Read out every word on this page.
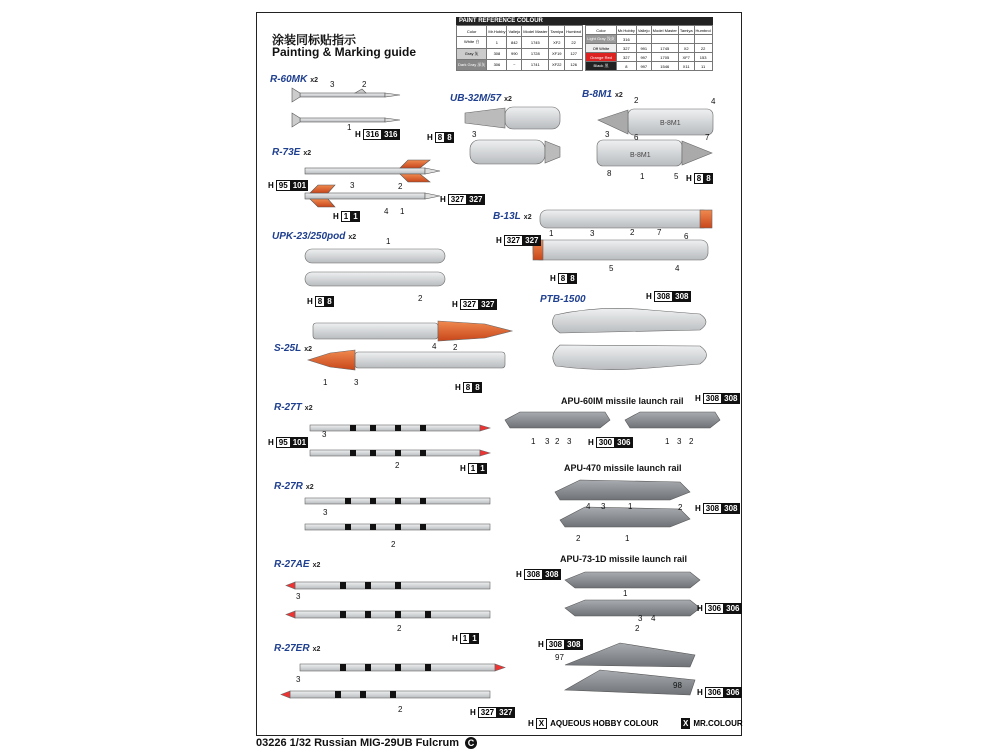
涂装同标贴指示
Painting & Marking guide
PAINT REFERENCE COLOUR
Color	Mr.Hobby	Vallejo	Model Master	Tamiya	Humbrol
White 白	1	842	1745	XF2	22
Gray 灰	308	990	1728	XF19	127
Dark Gray 深灰	306	~	1741	XF22	126
Color	Mr.Hobby	Vallejo	Model Master	Tamiya	Humbrol
Light Gray 浅灰	316				
Off White	327	991	1745	X2	22
Orange Red	327	997	1705	XF7	153
Black 黑	8	997	1546	X11	11
B-8M1
B-8M1
R-60MK x2
R-73E x2
UPK-23/250pod x2
S-25L x2
R-27T x2
R-27R x2
R-27AE x2
R-27ER x2
UB-32M/57 x2	B-8M1 x2
B-13L x2
PTB-1500
APU-60IM missile launch rail
APU-470 missile launch rail
APU-73-1D missile launch rail
H 316 316
H 95 101
H 327 327
H 1 1
H 8 8
H 8 8
H 327 327
H 8 8
H 8 8	H 327 327
H 8 8
H 308 308
H 95 101
H 1 1
H 1 1
H 327 327
H 308 308
H 300 306
H 308 308
H 308 308
H 306 306
H 308 308
H 306 306
3	2
1
3	2
4 1
1
2
4 2
1	3
3
2
3
2
3
2
3
2
3
2	4
3	6	7
8	1	5
1	3	2	7	6
5	4
1 3 2 3	1 3 2
4 3	1	2
2	1
1
2
3 4
97
98
H X AQUEOUS HOBBY COLOUR	X MR.COLOUR
03226 1/32 Russian MIG-29UB Fulcrum C
